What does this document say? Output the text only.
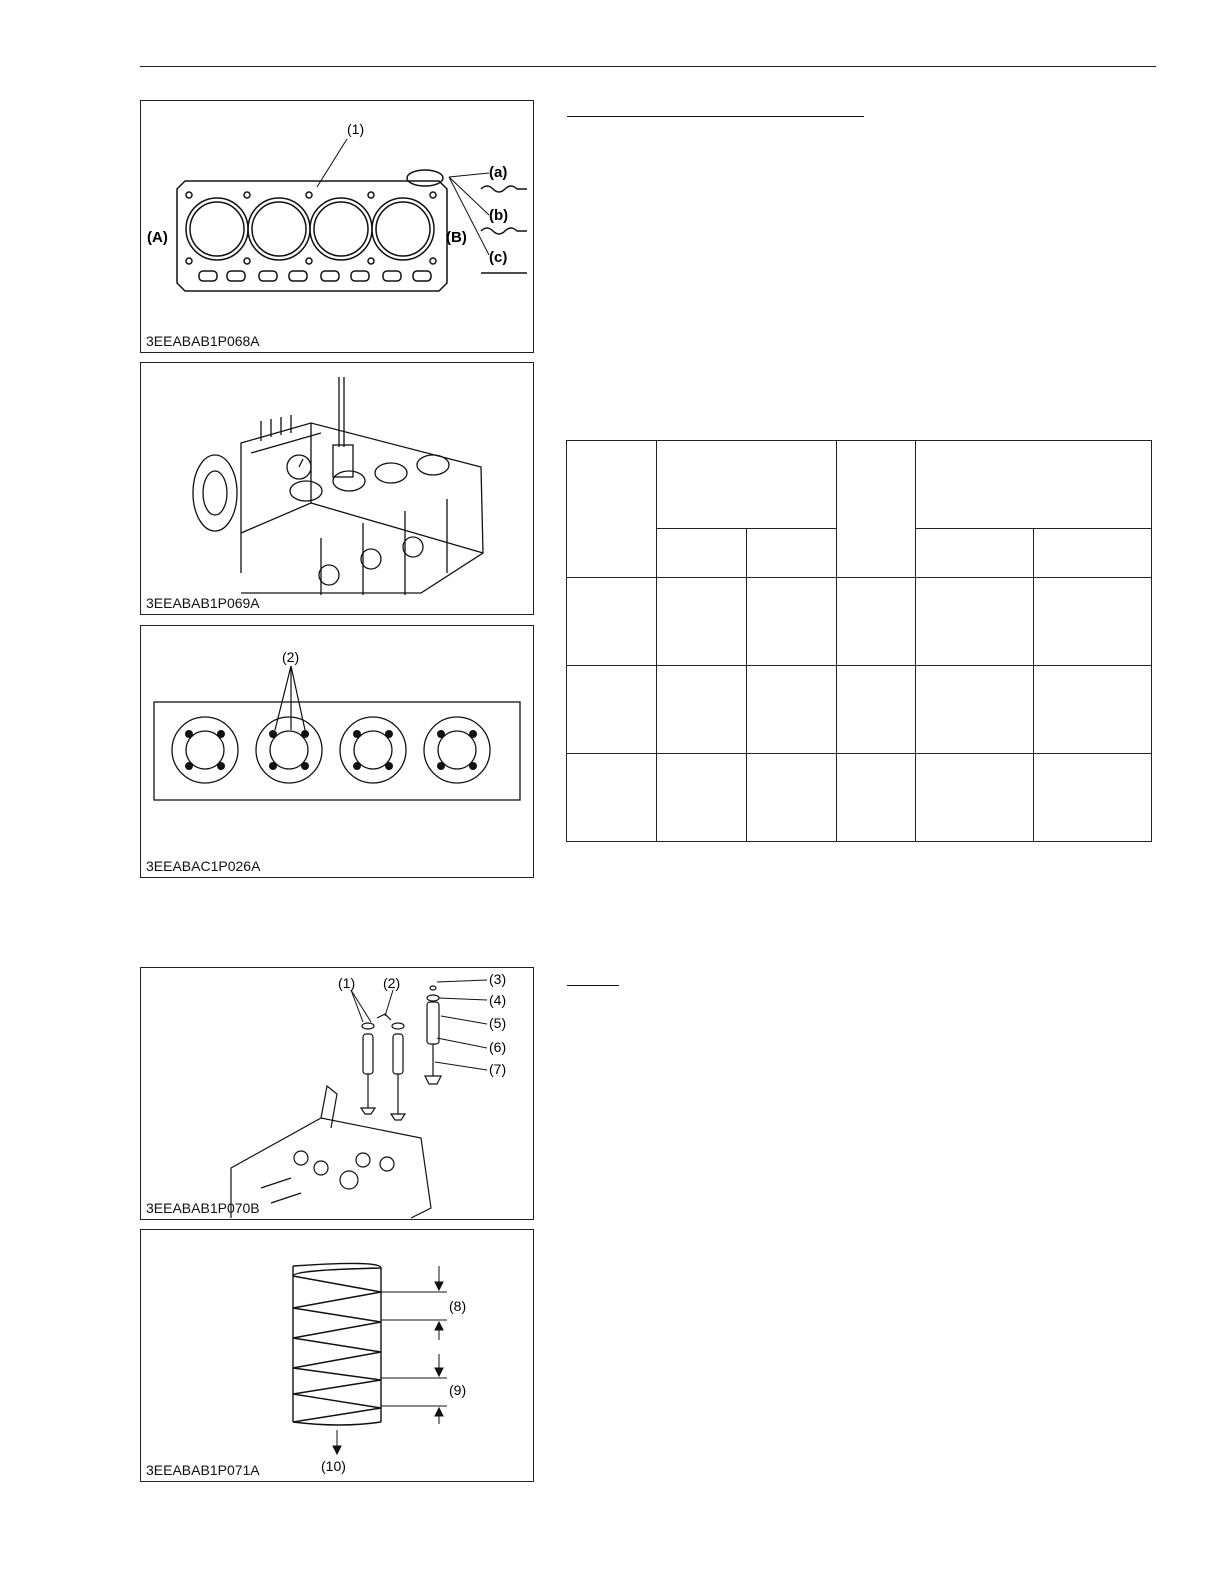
(1)
(a)
(b)
(c)
(A)	(B)
3EEABAB1P068A
3EEABAB1P069A
(2)
3EEABAC1P026A
(1) (2)	(3)
(4)
(5)
(6)
(7)
3EEABAB1P070B
(8)
(9)
(10)
3EEABAB1P071A
